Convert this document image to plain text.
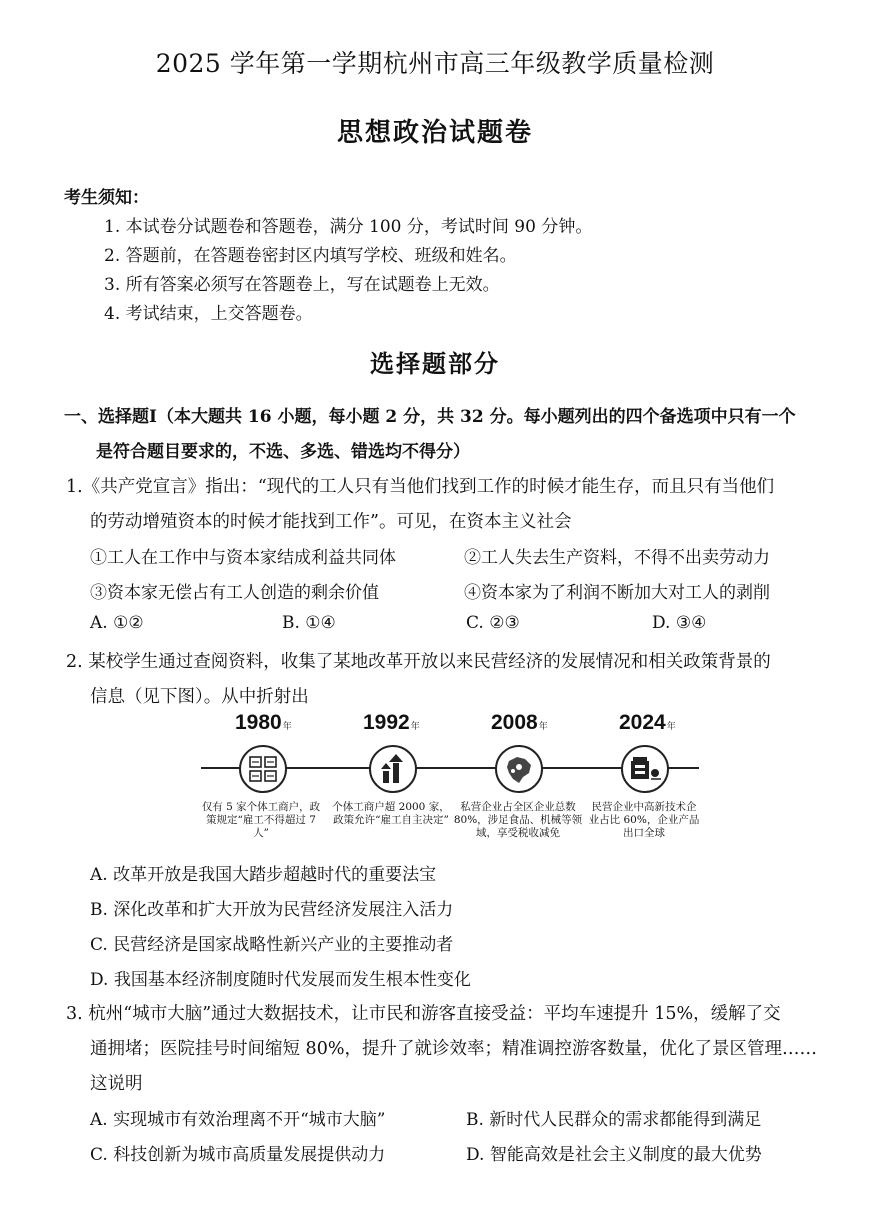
2025 学年第一学期杭州市高三年级教学质量检测
思想政治试题卷
考生须知：
1. 本试卷分试题卷和答题卷，满分 100 分，考试时间 90 分钟。
2. 答题前，在答题卷密封区内填写学校、班级和姓名。
3. 所有答案必须写在答题卷上，写在试题卷上无效。
4. 考试结束，上交答题卷。
选择题部分
一、选择题Ⅰ（本大题共 16 小题，每小题 2 分，共 32 分。每小题列出的四个备选项中只有一个
是符合题目要求的，不选、多选、错选均不得分）
1.《共产党宣言》指出：“现代的工人只有当他们找到工作的时候才能生存，而且只有当他们
的劳动增殖资本的时候才能找到工作”。可见，在资本主义社会
①工人在工作中与资本家结成利益共同体	②工人失去生产资料，不得不出卖劳动力
③资本家无偿占有工人创造的剩余价值	④资本家为了利润不断加大对工人的剥削
A. ①②	B. ①④	C. ②③	D. ③④
2. 某校学生通过查阅资料，收集了某地改革开放以来民营经济的发展情况和相关政策背景的
信息（见下图）。从中折射出
1980年
仅有 5 家个体工商户，政策规定“雇工不得超过 7 人”
1992年
个体工商户超 2000 家，政策允许“雇工自主决定”
2008年
私营企业占全区企业总数 80%，涉足食品、机械等领域，享受税收减免
2024年
民营企业中高新技术企业占比 60%，企业产品出口全球
A. 改革开放是我国大踏步超越时代的重要法宝
B. 深化改革和扩大开放为民营经济发展注入活力
C. 民营经济是国家战略性新兴产业的主要推动者
D. 我国基本经济制度随时代发展而发生根本性变化
3. 杭州“城市大脑”通过大数据技术，让市民和游客直接受益：平均车速提升 15%，缓解了交
通拥堵；医院挂号时间缩短 80%，提升了就诊效率；精准调控游客数量，优化了景区管理……
这说明
A. 实现城市有效治理离不开“城市大脑”	B. 新时代人民群众的需求都能得到满足
C. 科技创新为城市高质量发展提供动力	D. 智能高效是社会主义制度的最大优势
